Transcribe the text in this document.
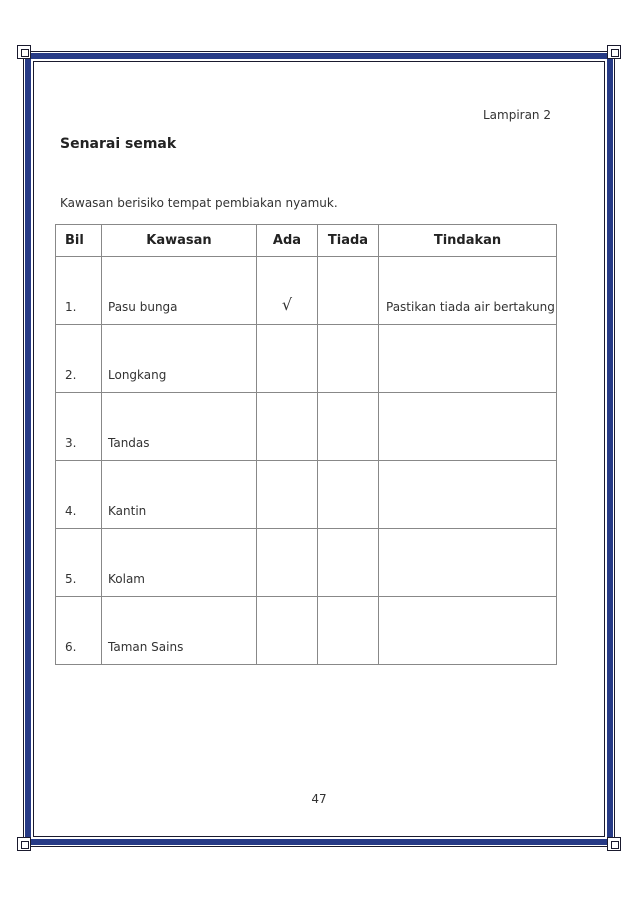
Lampiran 2
Senarai semak
Kawasan berisiko tempat pembiakan nyamuk.
Bil	Kawasan	Ada	Tiada	Tindakan
1.	Pasu bunga	√		Pastikan tiada air bertakung
2.	Longkang			
3.	Tandas			
4.	Kantin			
5.	Kolam			
6.	Taman Sains			
47
